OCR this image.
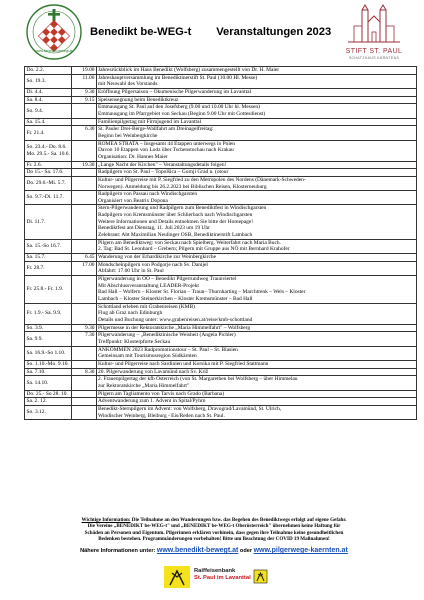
www.benedikt-bewegt.at
Benedikt be-WEG-t Veranstaltungen 2023
STIFT ST. PAUL
SCHATZHAUS KÄRNTENS
Do. 2.2.	19.00	Jahresrückblick im Haus Benedikt (Wolfsberg) zusammengestellt von Dr. H. Maier

So. 19.3.	11.00	Jahreshauptversammlung im Benediktinerstift St. Paul (10.00 Hl. Messe)
mit Neuwahl des Vorstands

Di. 4.4.	9.30	Eröffnung Pilgersaison – Ökumenische Pilgerwanderung im Lavanttal

Sa. 8.4.	9.15	Speisensegnung beim Benediktkreuz

So. 9.4.		Emmausgang St. Paul auf den Josefsberg (9.00 und 10.00 Uhr hl. Messen)
Emmausgang im Pfarrgebiet von Seckau (Beginn 9.00 Uhr mit Gottesdienst)

Sa. 15.4.		Familienpilgertag mit Firmjugend im Lavanttal

Fr. 21.4.	6.30	St. Pauler Drei-Berge-Wallfahrt am Dreinagelfreitag:
Beginn bei Weinbergkirche

So. 23.4.- Do. 8.6.
Mo. 29.5.- Sa. 10.6.		ROMEA STRATA – Insgesamt 44 Etappen unterwegs in Polen
Davon 10 Etappen von Lodz über Tschenstochau nach Krakau
Organisation: Dr. Hannes Maier

Fr. 2.6.	19.30	„Lange Nacht der Kirchen" – Veranstaltungsdetails folgen!

Do 15.- Sa. 17.6.		Radpilgern von St. Paul – Topolšica – Gornji Grad n. (otour

Do. 29.6.-Mi. 5.7.		Kultur- und Pilgerreise mit P. Siegfried zu den Metropolen des Nordens (Dänemark-Schweden-
Norwegen). Anmeldung bis 26.2.2023 bei Biblischen Reisen, Klosterneuburg

So. 9.7.-Di. 11.7.		Radpilgern von Passau nach Windischgarsten
Organisiert von Beatrix Dopona

Di. 11.7.		Stern-Pilgerwanderung und Radpilgern zum Benediktfest in Windischgarsten
Radpilgern von Kremsmünster über Schlierbach nach Windischgarsten
Weitere Informationen und Details entnehmen Sie bitte der Homepage!
Benediktfest am Dienstag, 11. Juli 2023 um 19 Uhr
Zelebrant: Abt Maximilian Neulinger OSB, Benediktinerstift Lambach

Sa. 15.-So 16.7.		Pilgern am Benediktweg: von Seckau nach Spielberg. Weiterfahrt nach Maria Buch.
2. Tag: Bad St. Leonhard – Grebern; Pilgern mit Gruppe aus NÖ mit Bernhard Krahofer

Sa. 15.7.	6.45	Wanderung von der Erhardikirche zur Weinbergkirche

Fr. 28.7.	17.00	Mondscheinpilgern von Podgorje nach Sv. Danijel
Abfahrt: 17.00 Uhr in St. Paul

Fr. 25.8.- Fr. 1.9.		Pilgerwanderung in OÖ – Benedikt Pilgerrundweg Traunviertel
Mit Abschlussveranstaltung LEADER-Projekt
Bad Hall – Wolfern – Kloster St. Florian – Traun– Thurnharting – Marchtrenk – Wels – Kloster
Lambach – Kloster Steinerkirchen – Kloster Kremsmünster – Bad Hall

Fr. 1.9.- Sa. 9.9.		Schottland erleben mit Grabenreisen (KMB)
Flug ab Graz nach Edinburgh
Details und Buchung unter: www.grabenreisen.at/reise/kmb-schottland

So. 3.9.	9.30	Pilgermesse in der Rektoratskirche „Maria Himmelfahrt" – Wolfsberg

Sa. 9.9.	7.30	Pilgerwanderung – „Benediktinische Weisheit (Angela Pichler)
Treffpunkt: Klosterpforte Seckau

Sa. 16.9.-So 1.10.		ANKOMMEN 2023 Radpromotionstour – St. Paul – St. Blasien
Gemeinsam mit Tourismusregion Südkärnten

So. 1.10.-Mo. 9.10.		Kultur- und Pilgerreise nach Sardinien und Korsika mit P. Siegfried Stattmann

Sa. 7.10.	8.30	20. Pilgerwanderung von Lavamünd nach Sv. Križ

Sa. 14.10.		2. Frauenpilgertag der kfb Österreich (von St. Margarethen bei Wolfsberg – über Himmelau
zur Rektoratskirche „Maria Himmelfahrt"

Do. 25.- So 28. 10.		Pilgern am Tagliamento von Tarvis nach Grado (Barbana)

Sa. 2. 12.		Adventwanderung zum 1. Advent in Spital/Pyhrn

So. 3.12.		Benedikt-Sternpilgern im Advent: von Wolfsberg, Dravograd/Lavamünd, St. Ulrich,
Windischer Weinberg, Bleiburg - Eis/Reden nach St. Paul.
Wichtige Information: Die Teilnahme an den Wanderungen bzw. das Begehen des Benediktwegs erfolgt auf eigene Gefahr.
Die Vereine „BENEDIKT be-WEG-t" und „BENEDIKT be-WEG-t Oberösterreich" übernehmen keine Haftung für
Schäden an Personen und Eigentum. Pilgerinnen erklären vorhinein, dass gegen ihre Teilnahme keine gesundheitlichen
Bedenken bestehen. Programmänderungen vorbehalten! Bitte um Beachtung der COVID 19 Maßnahmen!
Nähere Informationen unter: www.benedikt-bewegt.at oder www.pilgerwege-kaernten.at
Raiffeisenbank
St. Paul im Lavanttal
